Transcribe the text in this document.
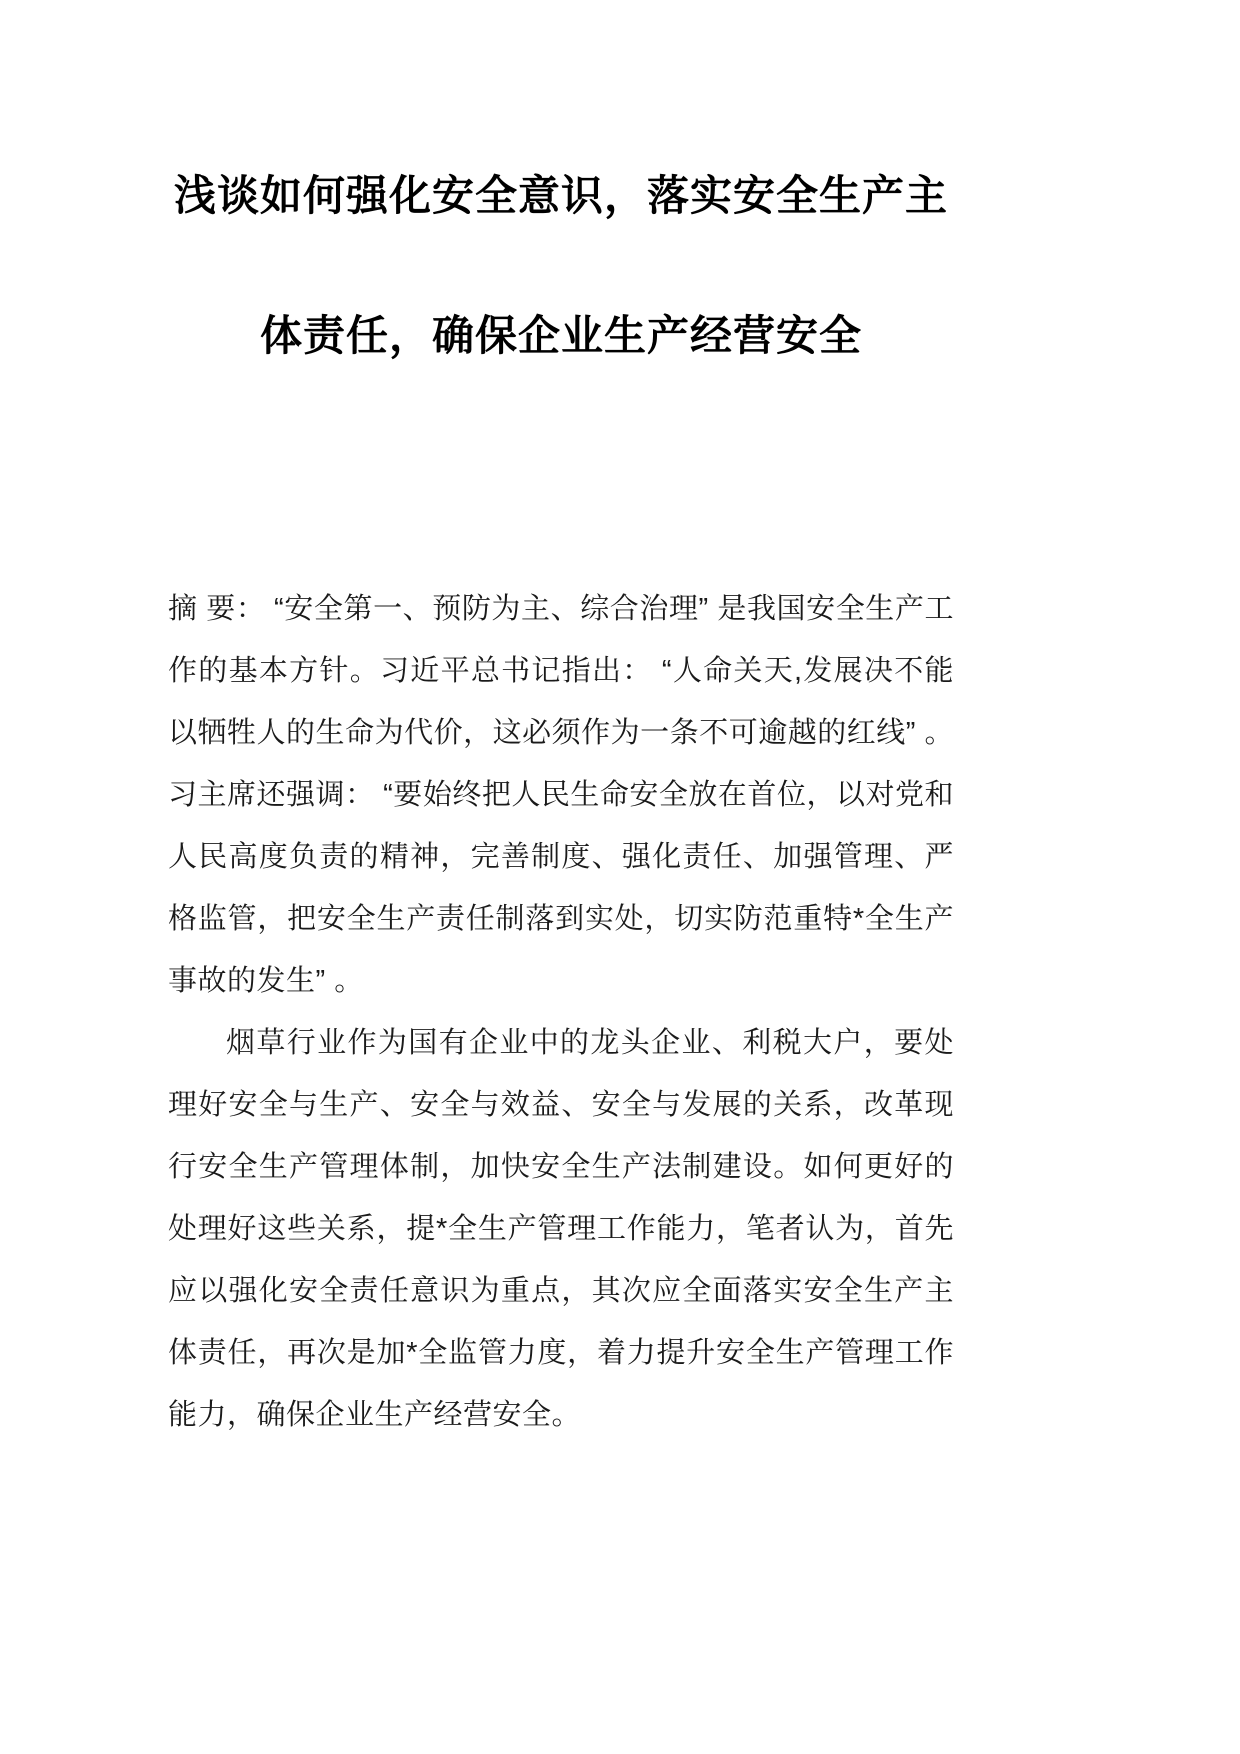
浅谈如何强化安全意识，落实安全生产主
体责任，确保企业生产经营安全

摘 要： “安全第一、预防为主、综合治理” 是我国安全生产工作的基本方针。习近平总书记指出： “人命关天,发展决不能以牺牲人的生命为代价，这必须作为一条不可逾越的红线” 。习主席还强调： “要始终把人民生命安全放在首位，以对党和人民高度负责的精神，完善制度、强化责任、加强管理、严格监管，把安全生产责任制落到实处，切实防范重特*全生产事故的发生” 。

烟草行业作为国有企业中的龙头企业、利税大户，要处理好安全与生产、安全与效益、安全与发展的关系，改革现行安全生产管理体制，加快安全生产法制建设。如何更好的处理好这些关系，提*全生产管理工作能力，笔者认为，首先应以强化安全责任意识为重点，其次应全面落实安全生产主体责任，再次是加*全监管力度，着力提升安全生产管理工作能力，确保企业生产经营安全。
